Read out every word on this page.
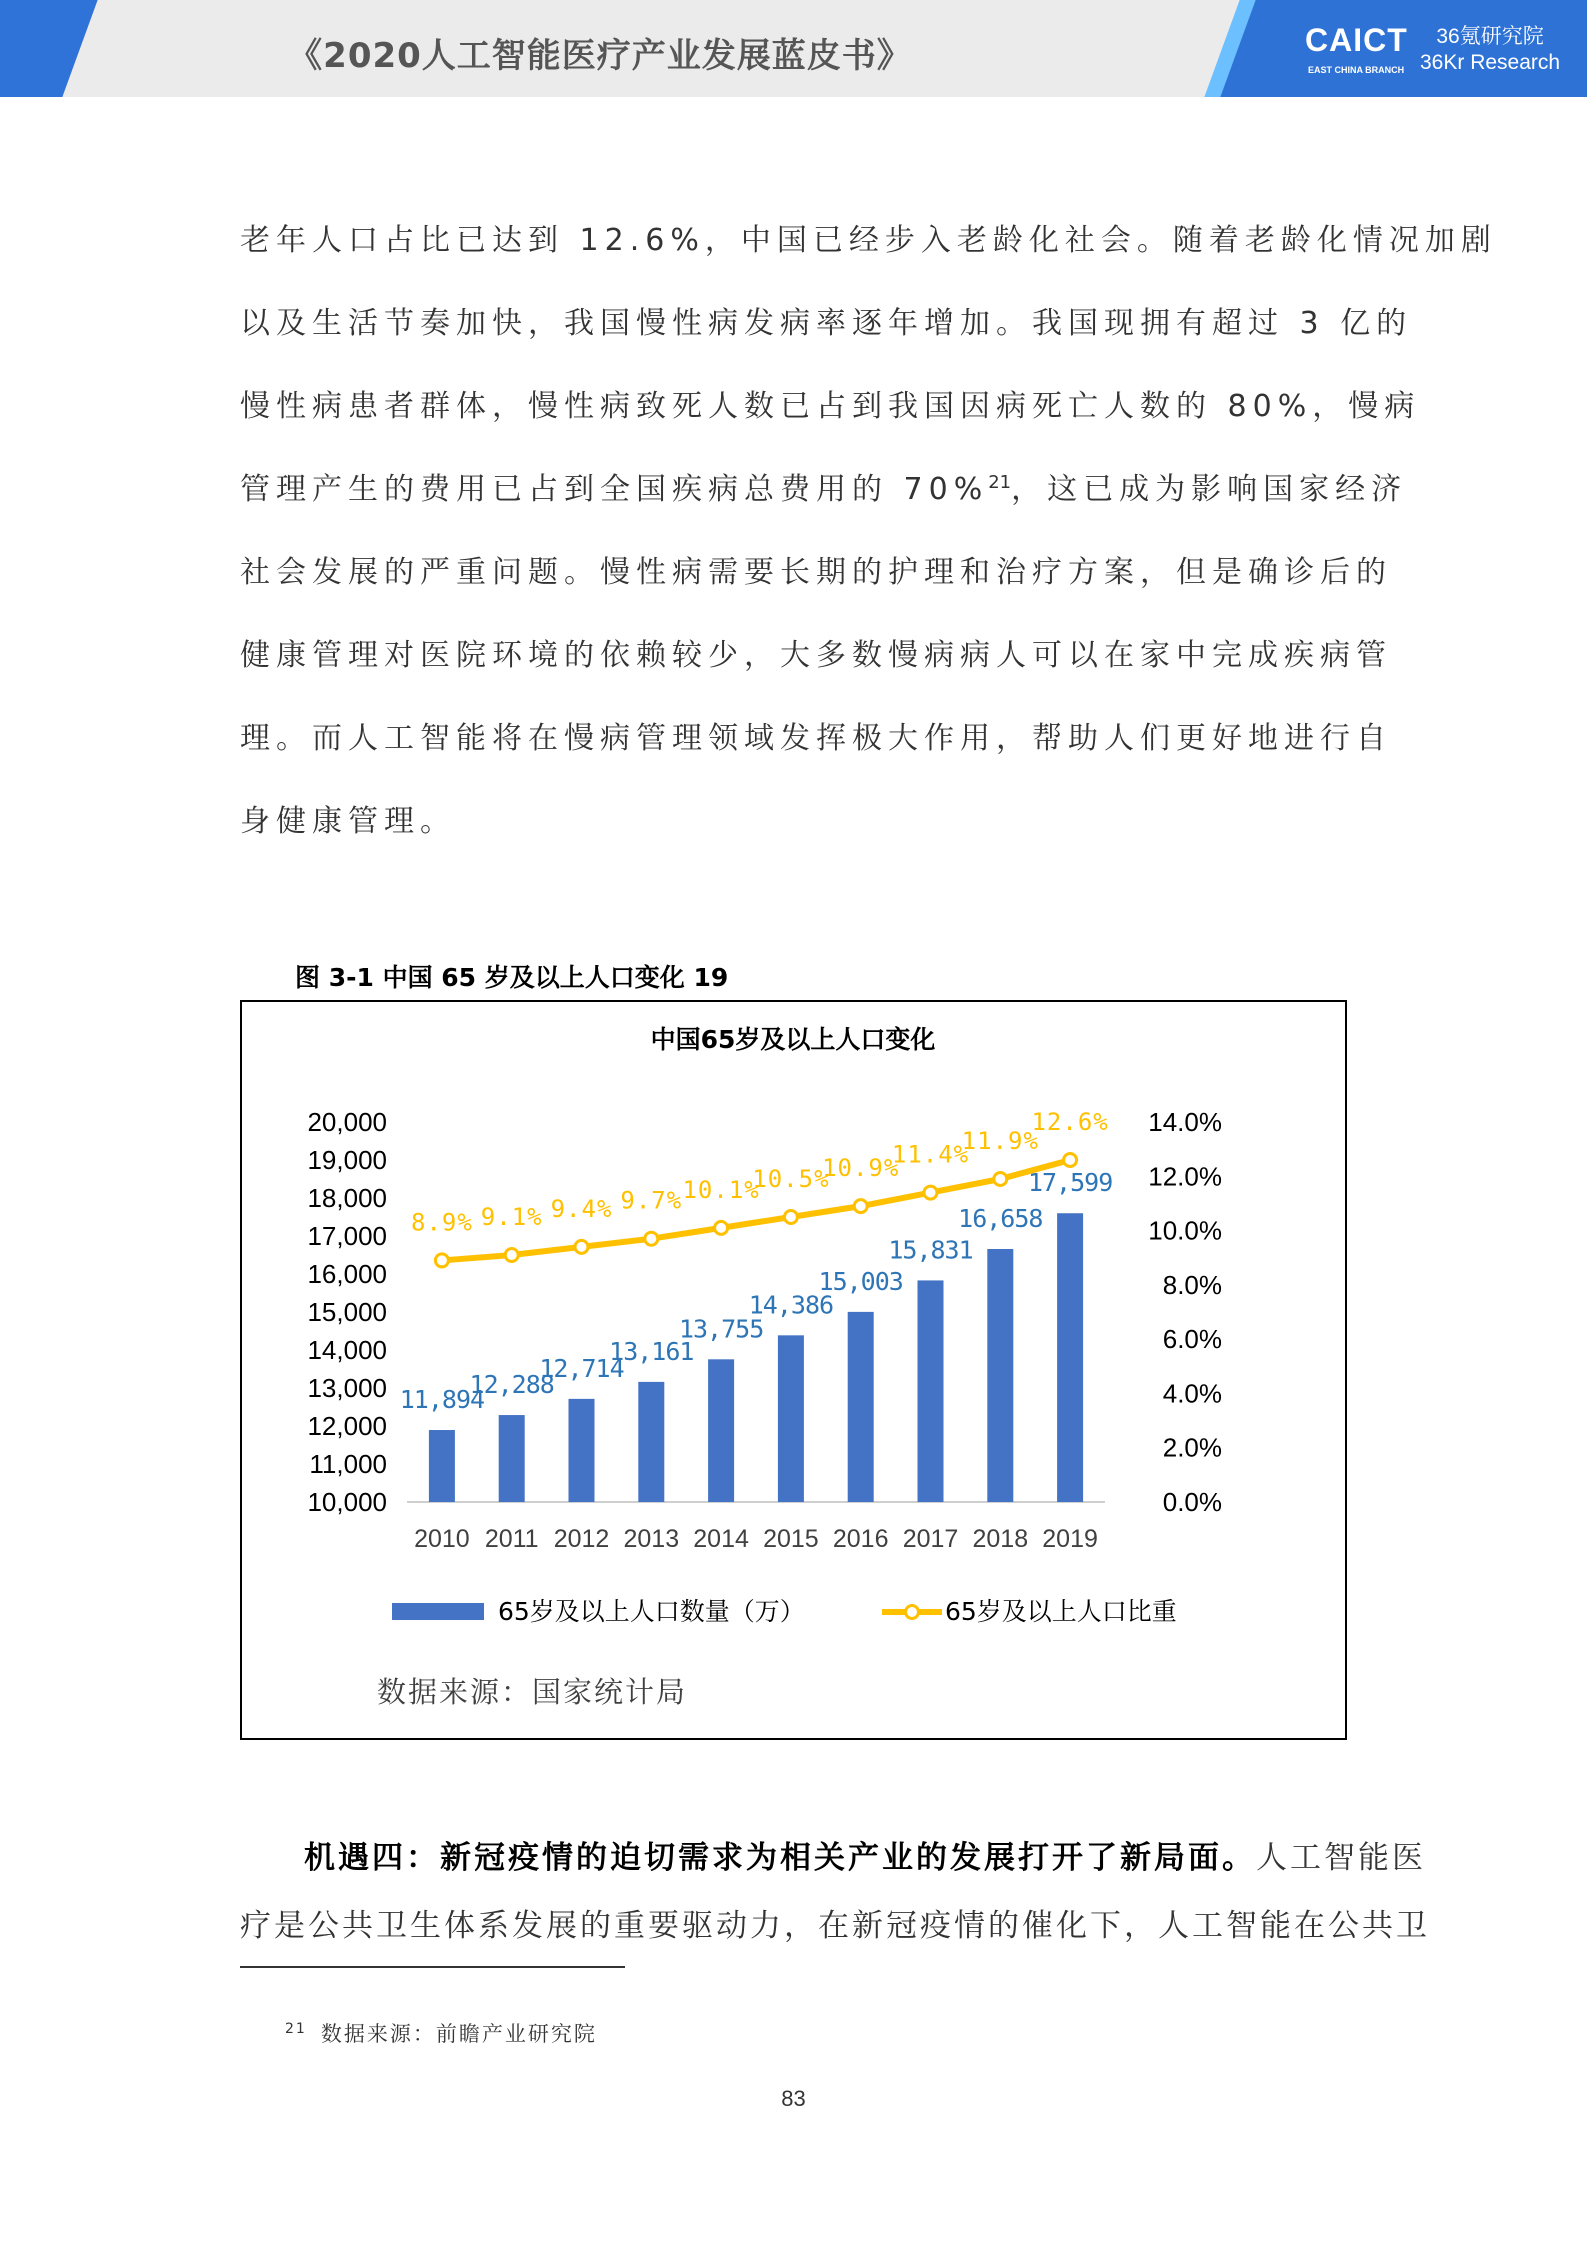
《2020人工智能医疗产业发展蓝皮书》	CAICT
EAST CHINA BRANCH
36氪研究院
36Kr Research
老年人口占比已达到 12.6%，中国已经步入老龄化社会。随着老龄化情况加剧
以及生活节奏加快，我国慢性病发病率逐年增加。我国现拥有超过 3 亿的
慢性病患者群体，慢性病致死人数已占到我国因病死亡人数的 80%，慢病
管理产生的费用已占到全国疾病总费用的 70%$^{21}$，这已成为影响国家经济
社会发展的严重问题。慢性病需要长期的护理和治疗方案，但是确诊后的
健康管理对医院环境的依赖较少，大多数慢病病人可以在家中完成疾病管
理。而人工智能将在慢病管理领域发挥极大作用，帮助人们更好地进行自
身健康管理。
图 3-1 中国 65 岁及以上人口变化 19
中国65岁及以上人口变化
10,000
11,000
12,000
13,000
14,000
15,000
16,000
17,000
18,000
19,000
20,000
0.0%
2.0%
4.0%
6.0%
8.0%
10.0%
12.0%
14.0%
11,894
12,288
12,714
13,161
13,755
14,386
15,003
15,831
16,658
17,599
2010 2011 2012 2013 2014 2015 2016 2017 2018 2019
8.9% 9.1% 9.4% 9.7% 10.1%
10.5%
10.9%
11.4%
11.9%
12.6%
65岁及以上人口数量（万）	65岁及以上人口比重
数据来源：国家统计局
机遇四：新冠疫情的迫切需求为相关产业的发展打开了新局面。人工智能医
疗是公共卫生体系发展的重要驱动力，在新冠疫情的催化下，人工智能在公共卫
$^{21}$ 数据来源：前瞻产业研究院
83
